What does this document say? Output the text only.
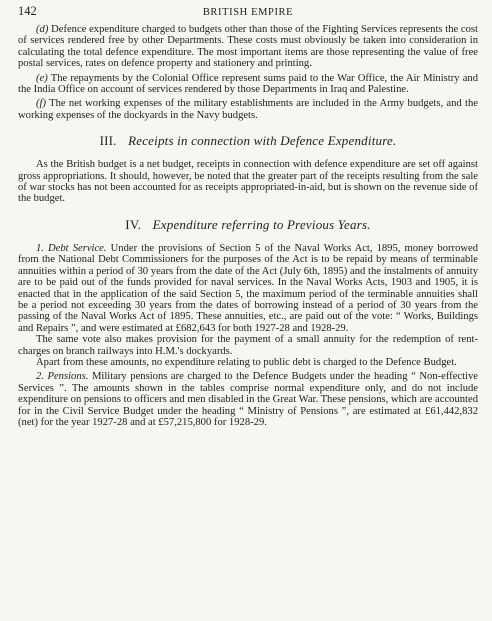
142	BRITISH EMPIRE

(d) Defence expenditure charged to budgets other than those of the Fighting Services represents the cost of services rendered free by other Departments. These costs must obviously be taken into consideration in calculating the total defence expenditure. The most important items are those representing the value of free postal services, rates on defence property and stationery and printing.

(e) The repayments by the Colonial Office represent sums paid to the War Office, the Air Ministry and the India Office on account of services rendered by those Departments in Iraq and Palestine.

(f) The net working expenses of the military establishments are included in the Army budgets, and the working expenses of the dockyards in the Navy budgets.

III. Receipts in connection with Defence Expenditure.

As the British budget is a net budget, receipts in connection with defence expenditure are set off against gross appropriations. It should, however, be noted that the greater part of the receipts resulting from the sale of war stocks has not been accounted for as receipts appropriated-in-aid, but is shown on the revenue side of the budget.

IV. Expenditure referring to Previous Years.

1. Debt Service. Under the provisions of Section 5 of the Naval Works Act, 1895, money borrowed from the National Debt Commissioners for the purposes of the Act is to be repaid by means of terminable annuities within a period of 30 years from the date of the Act (July 6th, 1895) and the instalments of annuity are to be paid out of the funds provided for naval services. In the Naval Works Acts, 1903 and 1905, it is enacted that in the application of the said Section 5, the maximum period of the terminable annuities shall be a period not exceeding 30 years from the dates of borrowing instead of a period of 30 years from the passing of the Naval Works Act of 1895. These annuities, etc., are paid out of the vote: “ Works, Buildings and Repairs ”, and were estimated at £682,643 for both 1927-28 and 1928-29.

The same vote also makes provision for the payment of a small annuity for the redemption of rent-charges on branch railways into H.M.'s dockyards.

Apart from these amounts, no expenditure relating to public debt is charged to the Defence Budget.

2. Pensions. Military pensions are charged to the Defence Budgets under the heading “ Non-effective Services ”. The amounts shown in the tables comprise normal expenditure only, and do not include expenditure on pensions to officers and men disabled in the Great War. These pensions, which are accounted for in the Civil Service Budget under the heading “ Ministry of Pensions ”, are estimated at £61,442,832 (net) for the year 1927-28 and at £57,215,800 for 1928-29.
